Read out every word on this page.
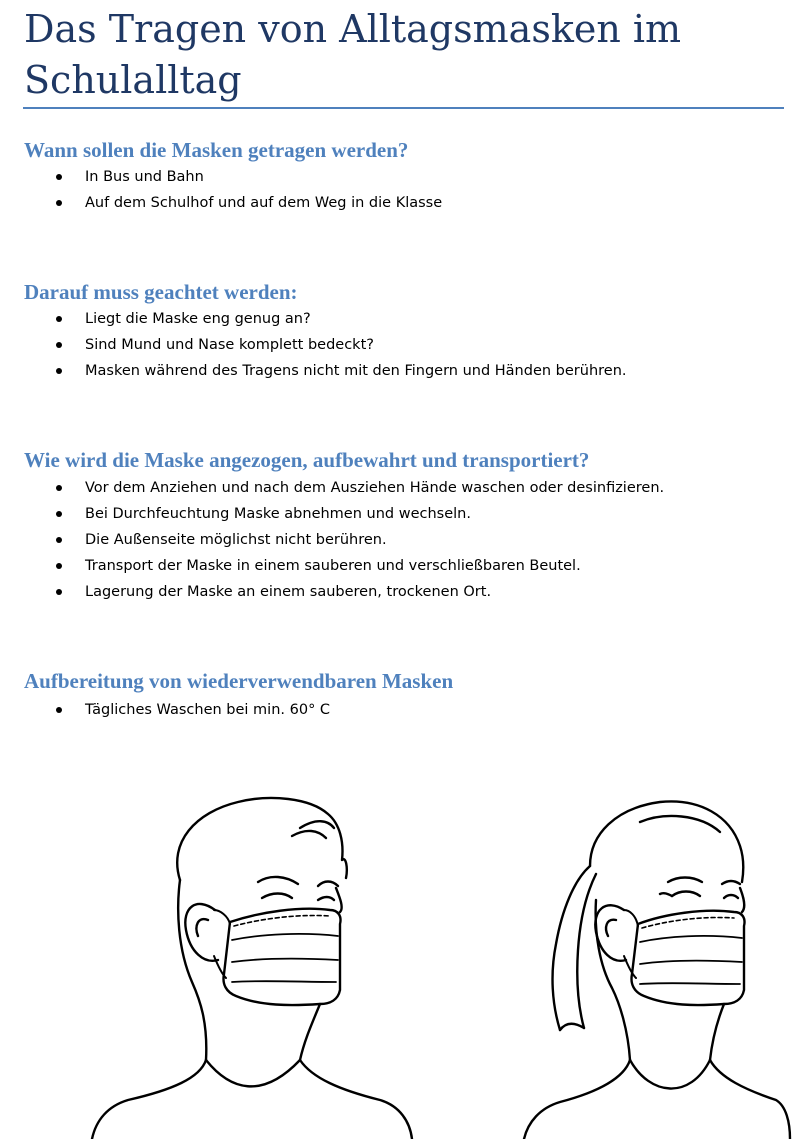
Das Tragen von Alltagsmasken im Schulalltag
Wann sollen die Masken getragen werden?
In Bus und Bahn
Auf dem Schulhof und auf dem Weg in die Klasse
Darauf muss geachtet werden:
Liegt die Maske eng genug an?
Sind Mund und Nase komplett bedeckt?
Masken während des Tragens nicht mit den Fingern und Händen berühren.
Wie wird die Maske angezogen, aufbewahrt und transportiert?
Vor dem Anziehen und nach dem Ausziehen Hände waschen oder desinfizieren.
Bei Durchfeuchtung Maske abnehmen und wechseln.
Die Außenseite möglichst nicht berühren.
Transport der Maske in einem sauberen und verschließbaren Beutel.
Lagerung der Maske an einem sauberen, trockenen Ort.
Aufbereitung von wiederverwendbaren Masken
Tägliches Waschen bei min. 60° C
